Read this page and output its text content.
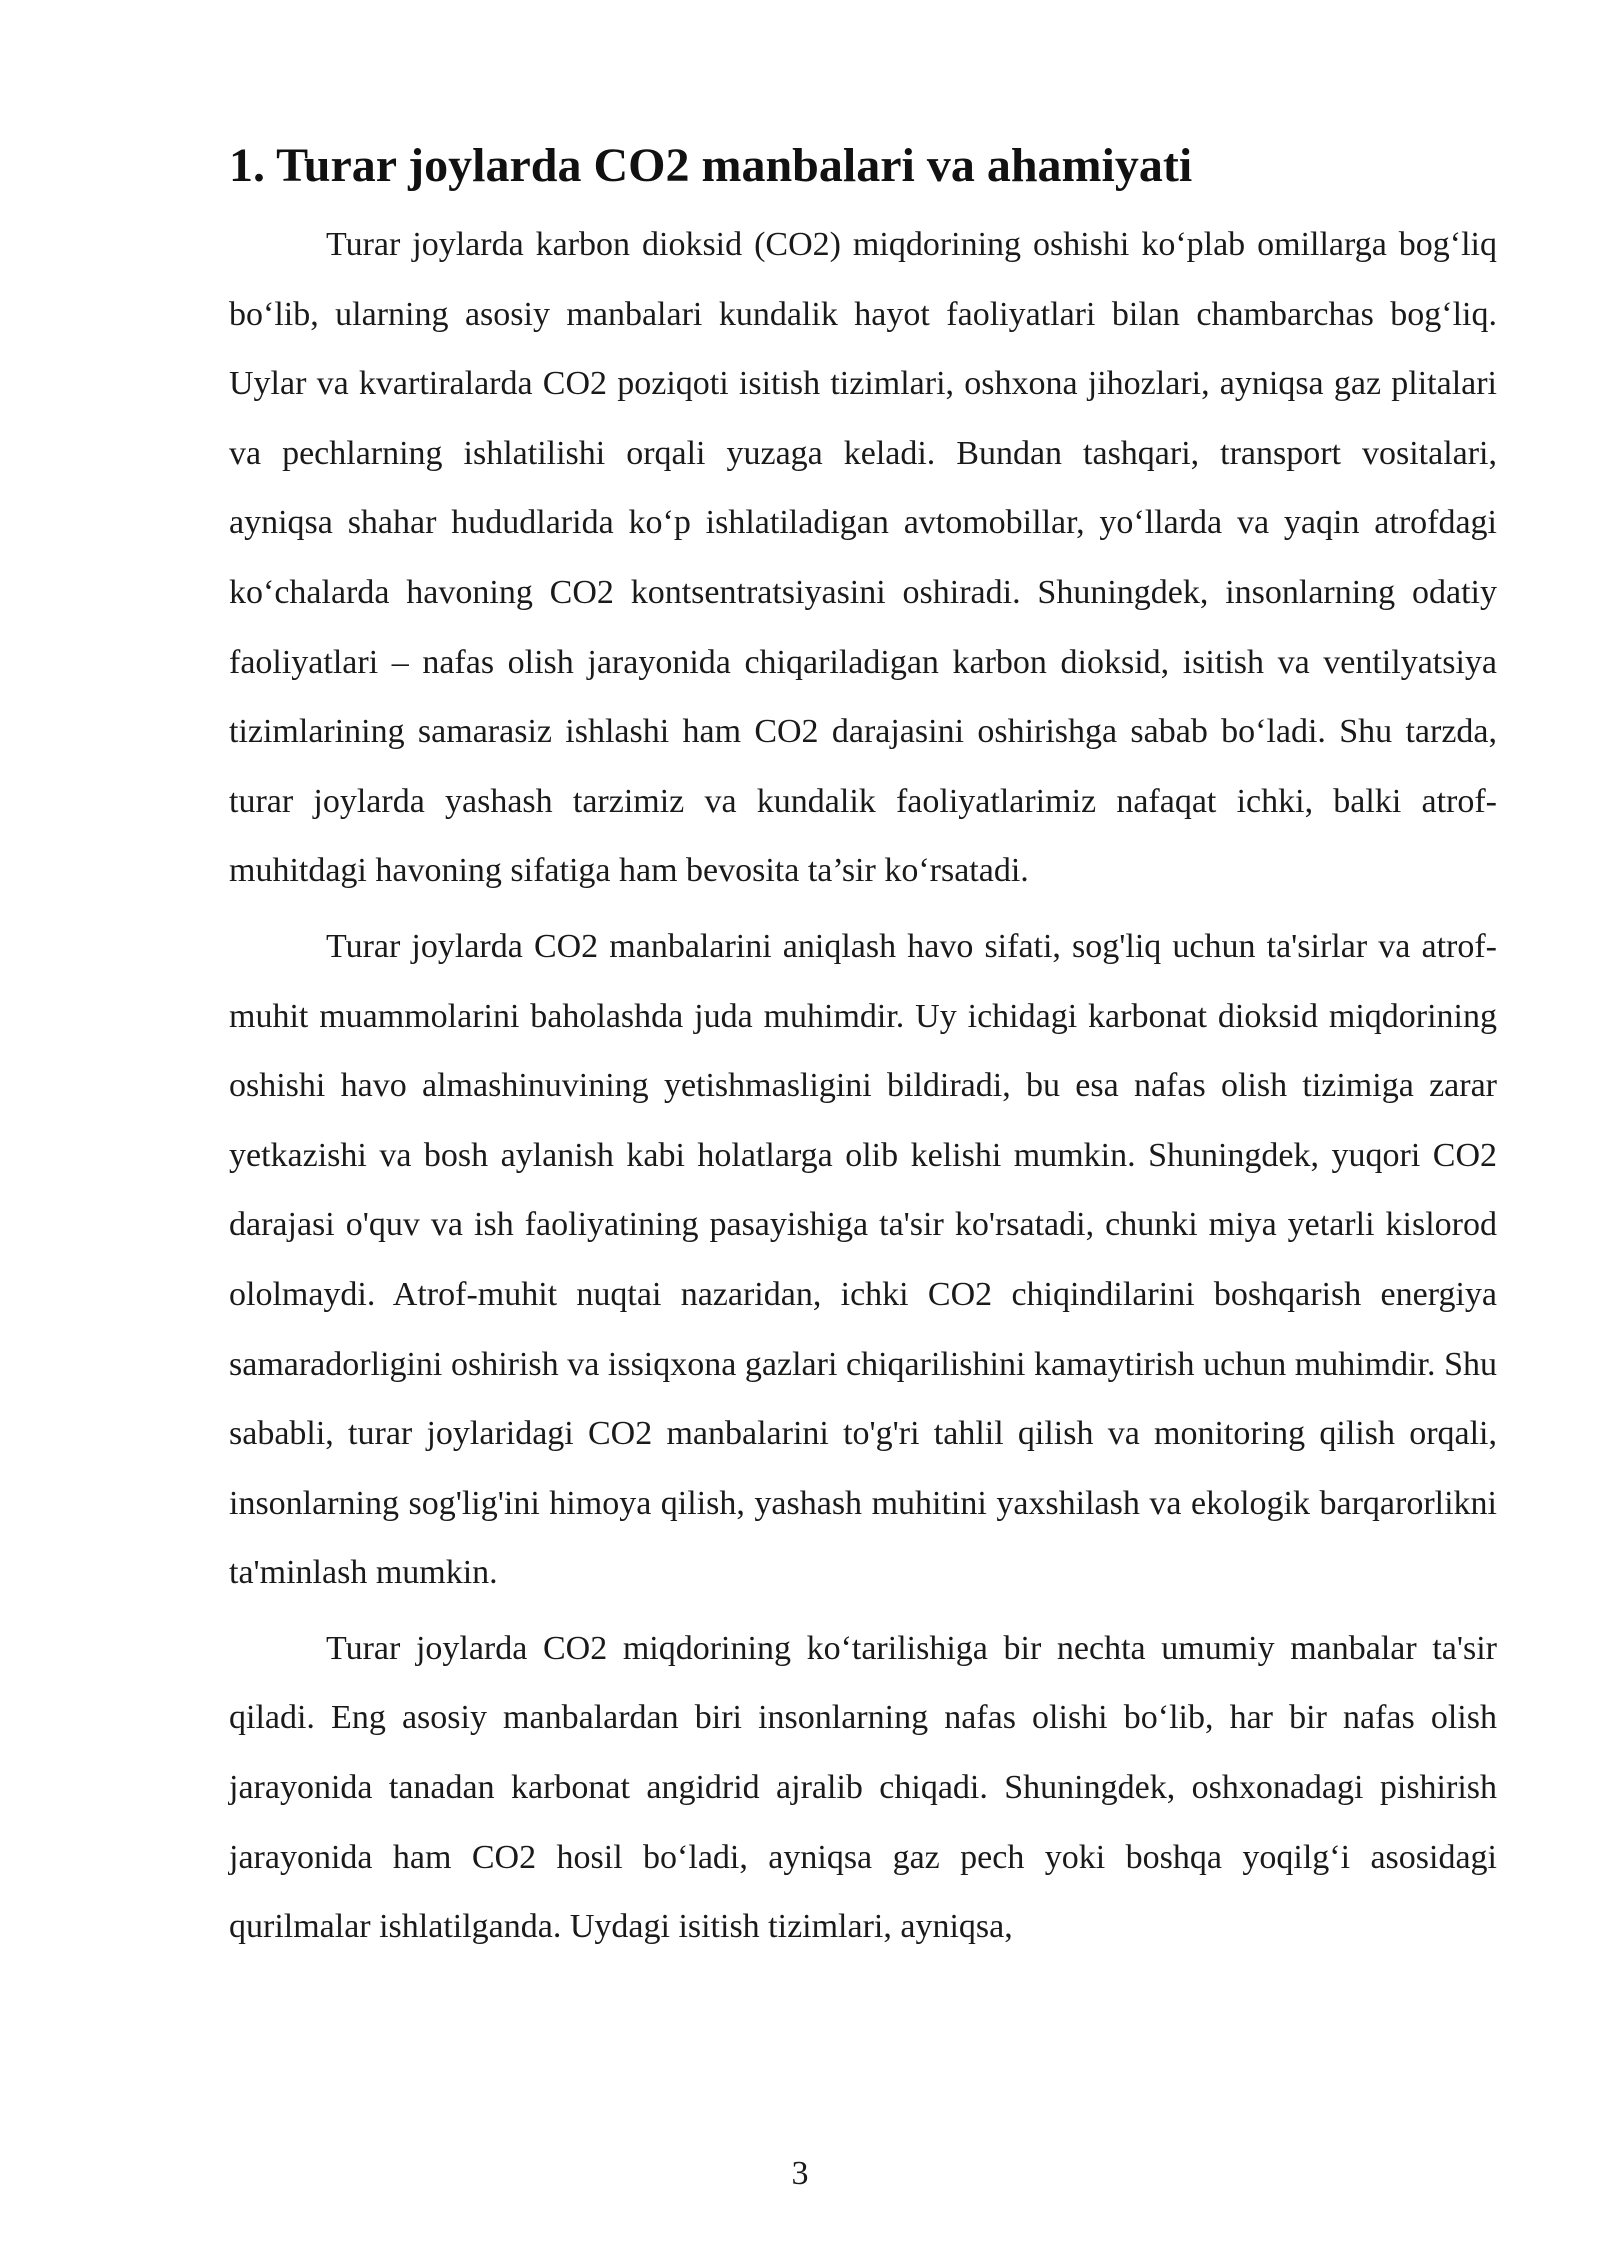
1. Turar joylarda CO2 manbalari va ahamiyati

Turar joylarda karbon dioksid (CO2) miqdorining oshishi ko‘plab omillarga bog‘liq bo‘lib, ularning asosiy manbalari kundalik hayot faoliyatlari bilan chambarchas bog‘liq. Uylar va kvartiralarda CO2 poziqoti isitish tizimlari, oshxona jihozlari, ayniqsa gaz plitalari va pechlarning ishlatilishi orqali yuzaga keladi. Bundan tashqari, transport vositalari, ayniqsa shahar hududlarida ko‘p ishlatiladigan avtomobillar, yo‘llarda va yaqin atrofdagi ko‘chalarda havoning CO2 kontsentratsiyasini oshiradi. Shuningdek, insonlarning odatiy faoliyatlari – nafas olish jarayonida chiqariladigan karbon dioksid, isitish va ventilyatsiya tizimlarining samarasiz ishlashi ham CO2 darajasini oshirishga sabab bo‘ladi. Shu tarzda, turar joylarda yashash tarzimiz va kundalik faoliyatlarimiz nafaqat ichki, balki atrof-muhitdagi havoning sifatiga ham bevosita ta’sir ko‘rsatadi.

Turar joylarda CO2 manbalarini aniqlash havo sifati, sog'liq uchun ta'sirlar va atrof-muhit muammolarini baholashda juda muhimdir. Uy ichidagi karbonat dioksid miqdorining oshishi havo almashinuvining yetishmasligini bildiradi, bu esa nafas olish tizimiga zarar yetkazishi va bosh aylanish kabi holatlarga olib kelishi mumkin. Shuningdek, yuqori CO2 darajasi o'quv va ish faoliyatining pasayishiga ta'sir ko'rsatadi, chunki miya yetarli kislorod ololmaydi. Atrof-muhit nuqtai nazaridan, ichki CO2 chiqindilarini boshqarish energiya samaradorligini oshirish va issiqxona gazlari chiqarilishini kamaytirish uchun muhimdir. Shu sababli, turar joylaridagi CO2 manbalarini to'g'ri tahlil qilish va monitoring qilish orqali, insonlarning sog'lig'ini himoya qilish, yashash muhitini yaxshilash va ekologik barqarorlikni ta'minlash mumkin.

Turar joylarda CO2 miqdorining ko‘tarilishiga bir nechta umumiy manbalar ta'sir qiladi. Eng asosiy manbalardan biri insonlarning nafas olishi bo‘lib, har bir nafas olish jarayonida tanadan karbonat angidrid ajralib chiqadi. Shuningdek, oshxonadagi pishirish jarayonida ham CO2 hosil bo‘ladi, ayniqsa gaz pech yoki boshqa yoqilg‘i asosidagi qurilmalar ishlatilganda. Uydagi isitish tizimlari, ayniqsa,

3
